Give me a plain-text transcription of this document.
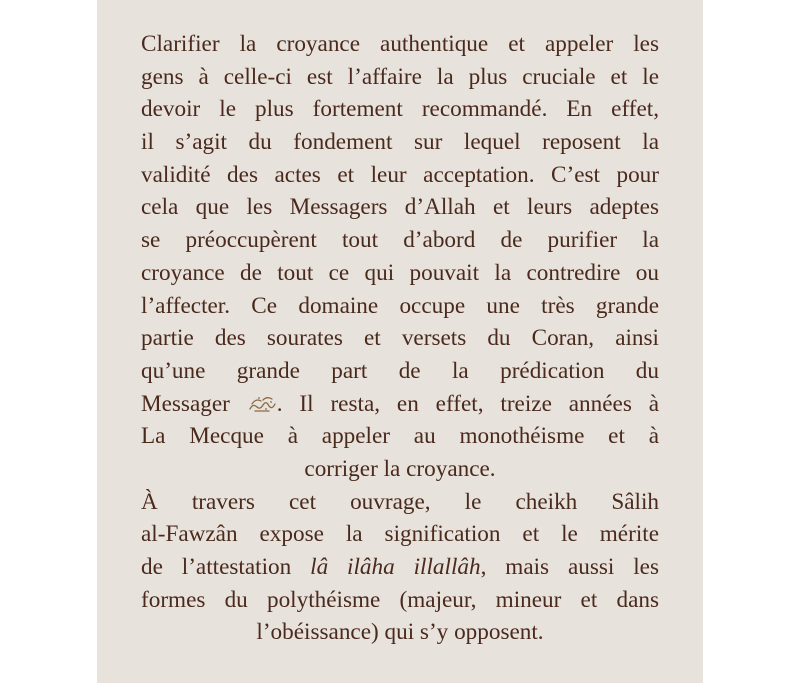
Clarifier la croyance authentique et appeler les
gens à celle-ci est l’affaire la plus cruciale et le
devoir le plus fortement recommandé. En effet,
il s’agit du fondement sur lequel reposent la
validité des actes et leur acceptation. C’est pour
cela que les Messagers d’Allah et leurs adeptes
se préoccupèrent tout d’abord de purifier la
croyance de tout ce qui pouvait la contredire ou
l’affecter. Ce domaine occupe une très grande
partie des sourates et versets du Coran, ainsi
qu’une grande part de la prédication du
Messager . Il resta, en effet, treize années à
La Mecque à appeler au monothéisme et à
corriger la croyance.
À travers cet ouvrage, le cheikh Sâlih
al-Fawzân expose la signification et le mérite
de l’attestation lâ ilâha illallâh, mais aussi les
formes du polythéisme (majeur, mineur et dans
l’obéissance) qui s’y opposent.
